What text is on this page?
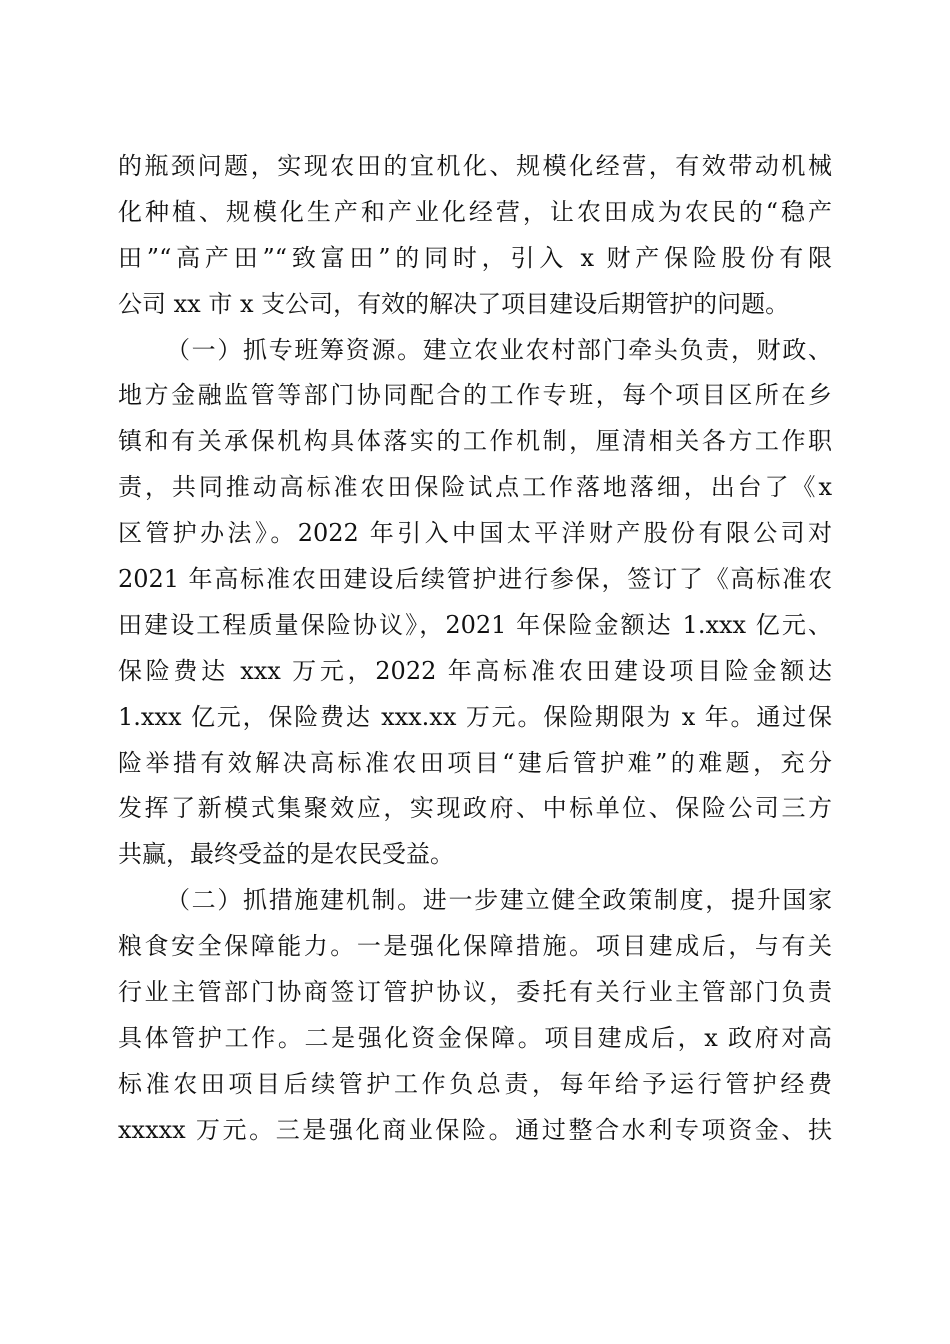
的瓶颈问题，实现农田的宜机化、规模化经营，有效带动机械
化种植、规模化生产和产业化经营，让农田成为农民的“稳产
田”“高产田”“致富田”的同时，引入 x 财产保险股份有限
公司 xx 市 x 支公司，有效的解决了项目建设后期管护的问题。
（一）抓专班筹资源。建立农业农村部门牵头负责，财政、
地方金融监管等部门协同配合的工作专班，每个项目区所在乡
镇和有关承保机构具体落实的工作机制，厘清相关各方工作职
责，共同推动高标准农田保险试点工作落地落细，出台了《x
区管护办法》。2022 年引入中国太平洋财产股份有限公司对
2021 年高标准农田建设后续管护进行参保，签订了《高标准农
田建设工程质量保险协议》，2021 年保险金额达 1.xxx 亿元、
保险费达 xxx 万元，2022 年高标准农田建设项目险金额达
1.xxx 亿元，保险费达 xxx.xx 万元。保险期限为 x 年。通过保
险举措有效解决高标准农田项目“建后管护难”的难题，充分
发挥了新模式集聚效应，实现政府、中标单位、保险公司三方
共赢，最终受益的是农民受益。
（二）抓措施建机制。进一步建立健全政策制度，提升国家
粮食安全保障能力。一是强化保障措施。项目建成后，与有关
行业主管部门协商签订管护协议，委托有关行业主管部门负责
具体管护工作。二是强化资金保障。项目建成后，x 政府对高
标准农田项目后续管护工作负总责，每年给予运行管护经费
xxxxx 万元。三是强化商业保险。通过整合水利专项资金、扶
